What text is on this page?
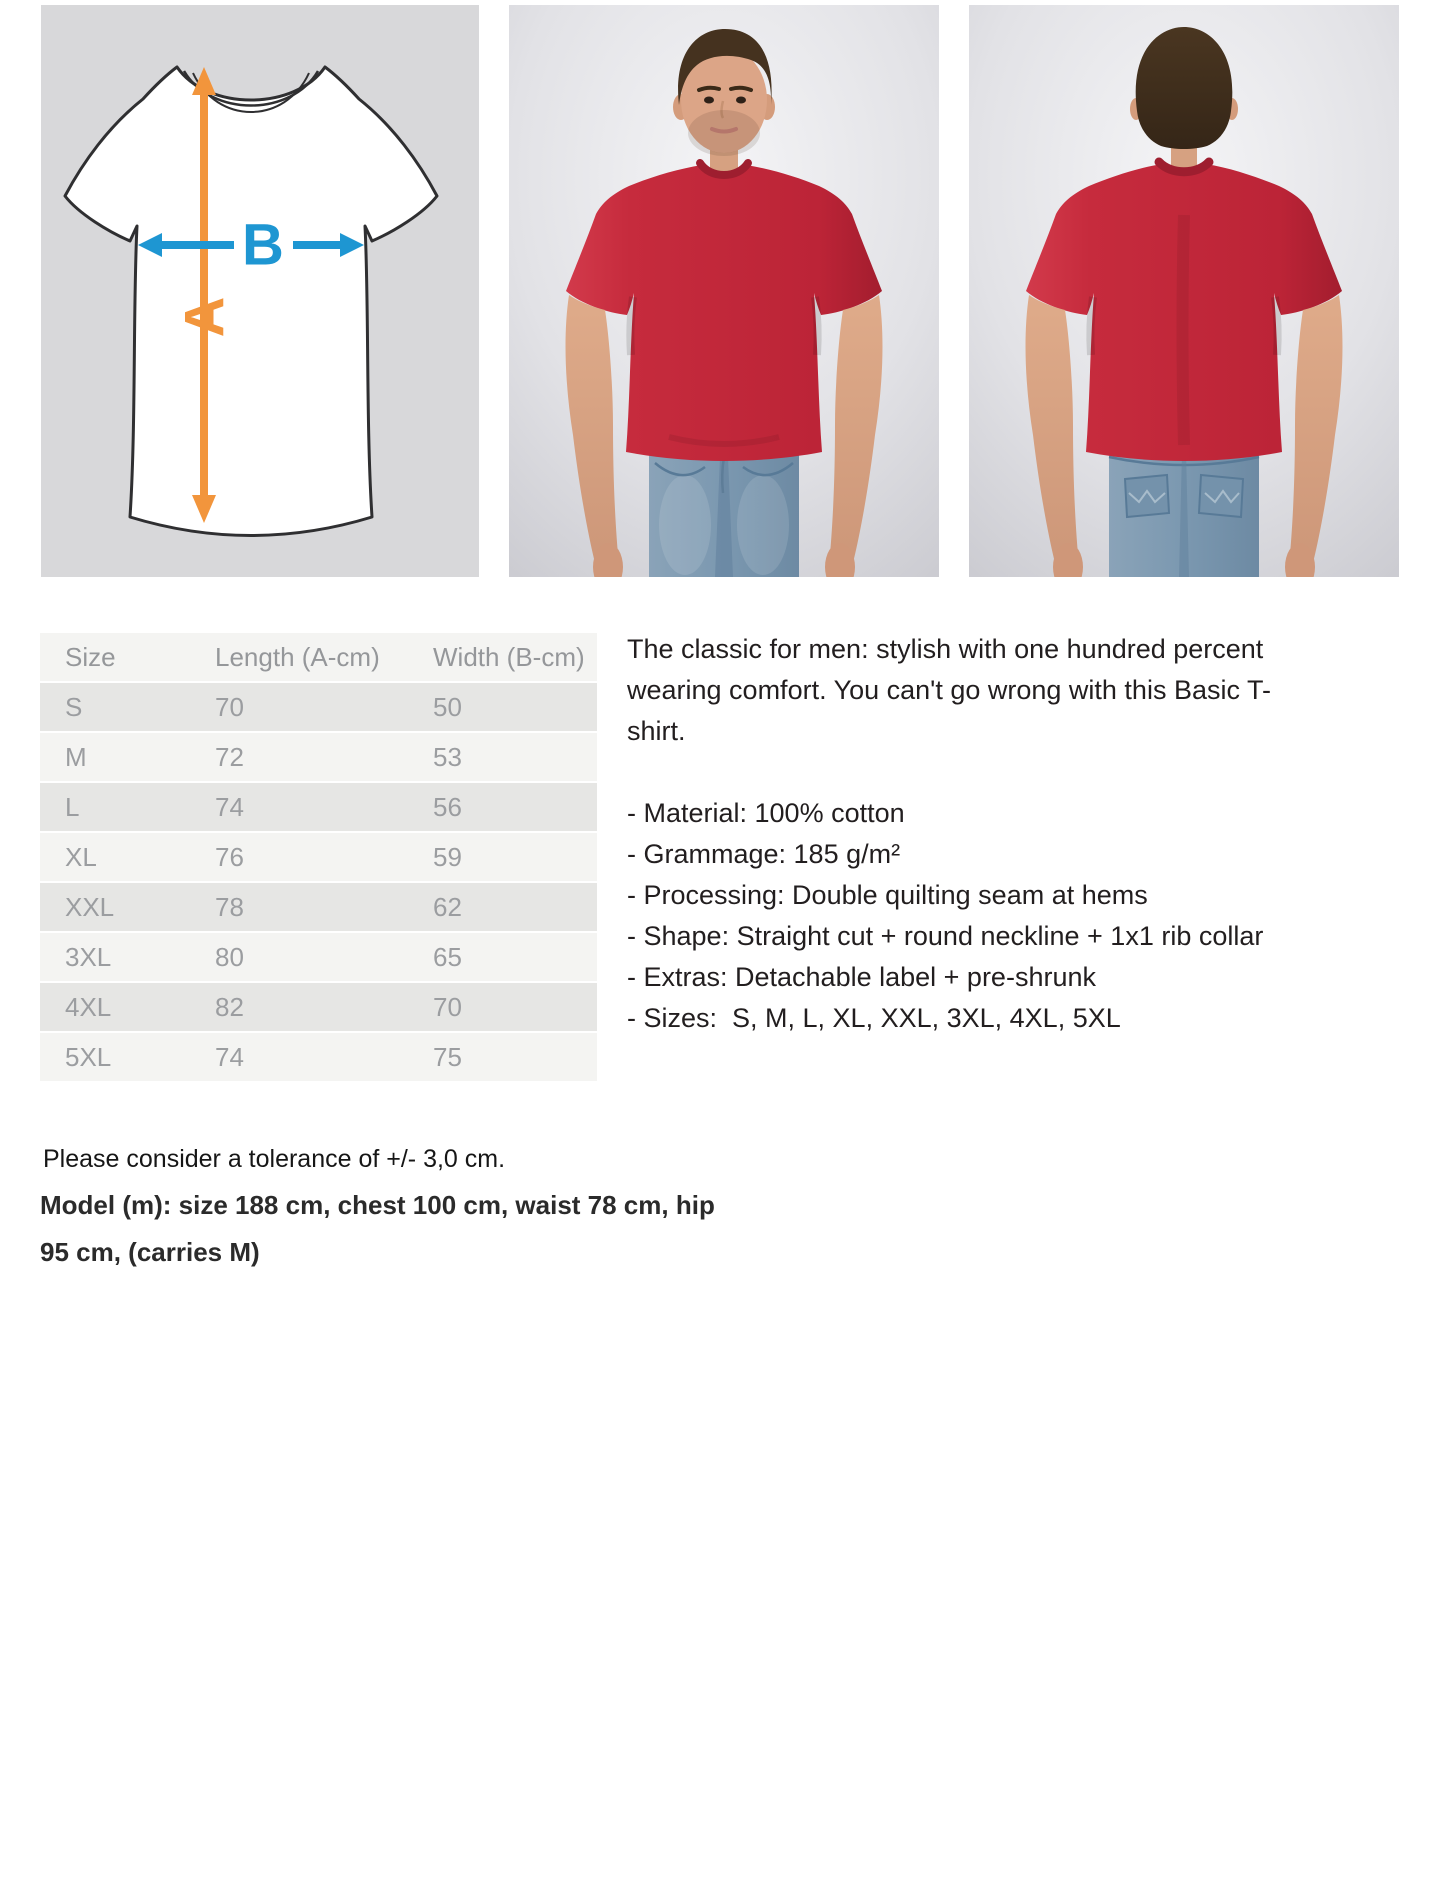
A
B
Size	Length (A-cm)	Width (B-cm)
S	70	50
M	72	53
L	74	56
XL	76	59
XXL	78	62
3XL	80	65
4XL	82	70
5XL	74	75

The classic for men: stylish with one hundred percent wearing comfort. You can't go wrong with this Basic T-shirt.

- Material: 100% cotton
- Grammage: 185 g/m²
- Processing: Double quilting seam at hems
- Shape: Straight cut + round neckline + 1x1 rib collar
- Extras: Detachable label + pre-shrunk
- Sizes:  S, M, L, XL, XXL, 3XL, 4XL, 5XL

Please consider a tolerance of +/- 3,0 cm.

Model (m): size 188 cm, chest 100 cm, waist 78 cm, hip 95 cm, (carries M)
